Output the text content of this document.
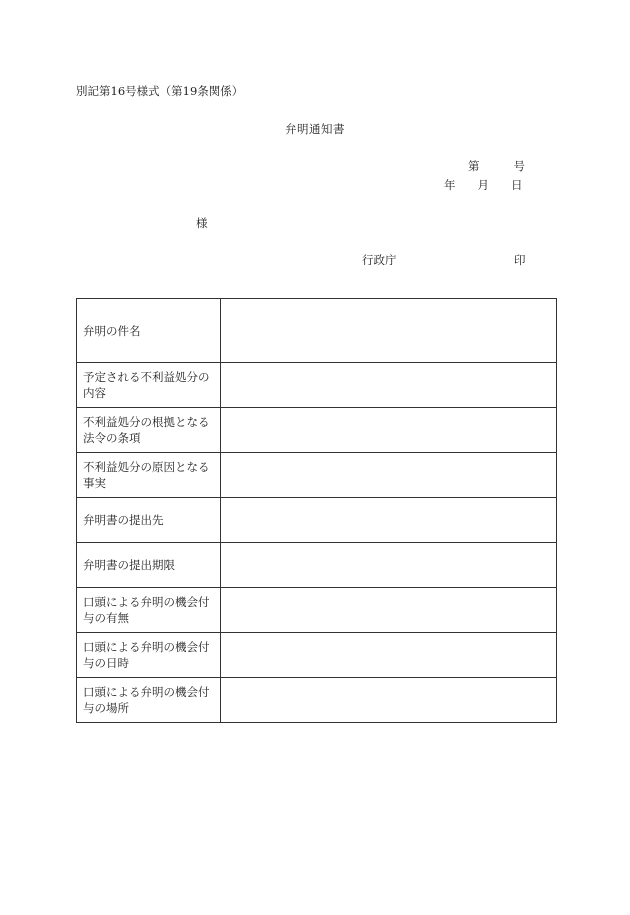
別記第16号様式（第19条関係）
弁明通知書
第	号
年 月 日
様
行政庁	印
弁明の件名	
予定される不利益処分の内容	
不利益処分の根拠となる法令の条項	
不利益処分の原因となる事実	
弁明書の提出先	
弁明書の提出期限	
口頭による弁明の機会付与の有無	
口頭による弁明の機会付与の日時	
口頭による弁明の機会付与の場所	
